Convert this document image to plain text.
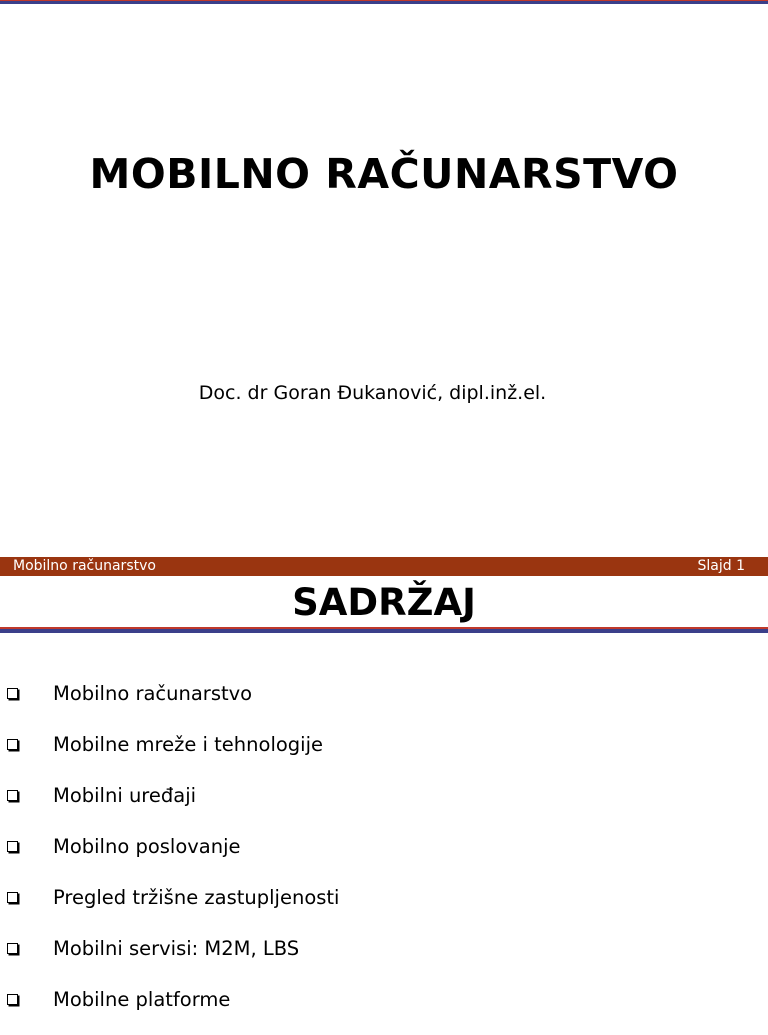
MOBILNO RAČUNARSTVO
Doc. dr Goran Đukanović, dipl.inž.el.
Mobilno računarstvo	Slajd 1
SADRŽAJ
Mobilno računarstvo
Mobilne mreže i tehnologije
Mobilni uređaji
Mobilno poslovanje
Pregled tržišne zastupljenosti
Mobilni servisi: M2M, LBS
Mobilne platforme
